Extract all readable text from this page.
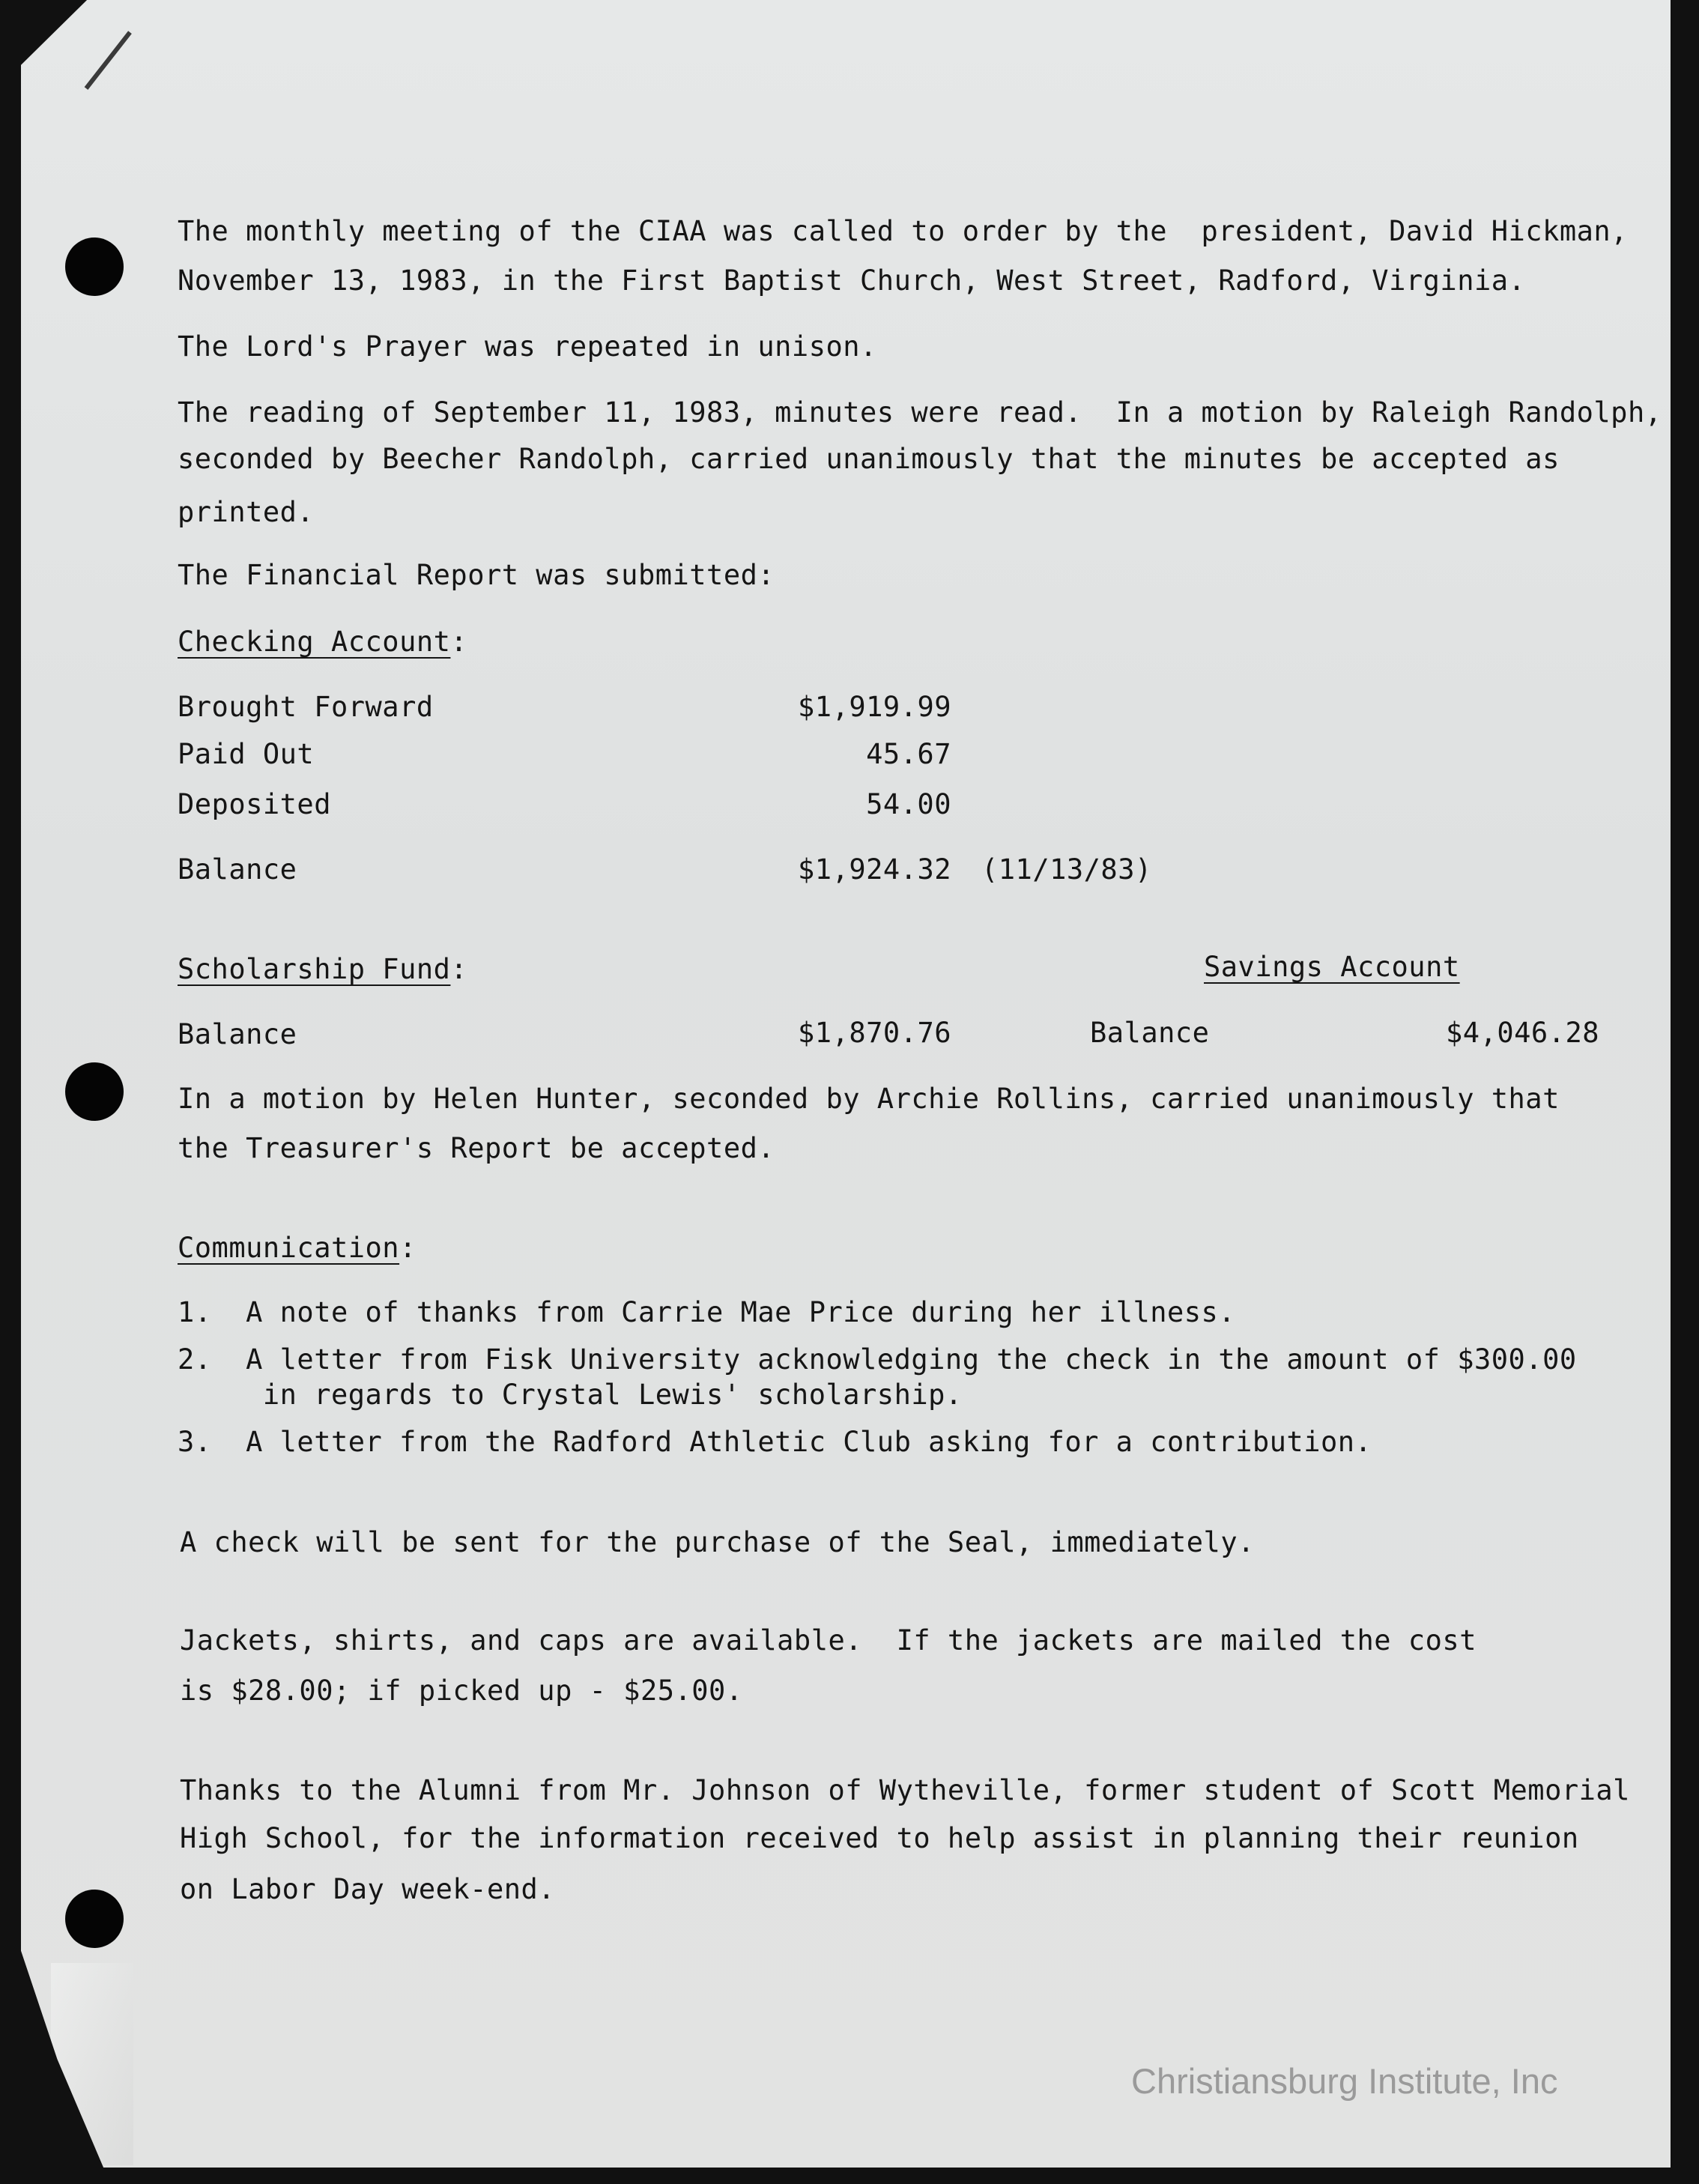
The monthly meeting of the CIAA was called to order by the  president, David Hickman,
November 13, 1983, in the First Baptist Church, West Street, Radford, Virginia.
The Lord's Prayer was repeated in unison.
The reading of September 11, 1983, minutes were read.  In a motion by Raleigh Randolph,
seconded by Beecher Randolph, carried unanimously that the minutes be accepted as
printed.
The Financial Report was submitted:
Checking Account:
Brought Forward	$1,919.99
Paid Out	45.67
Deposited	54.00
Balance	$1,924.32 (11/13/83)
Scholarship Fund:	Savings Account
Balance	$1,870.76	Balance	$4,046.28
In a motion by Helen Hunter, seconded by Archie Rollins, carried unanimously that
the Treasurer's Report be accepted.
Communication:
1.  A note of thanks from Carrie Mae Price during her illness.
2.  A letter from Fisk University acknowledging the check in the amount of $300.00
in regards to Crystal Lewis' scholarship.
3.  A letter from the Radford Athletic Club asking for a contribution.
A check will be sent for the purchase of the Seal, immediately.
Jackets, shirts, and caps are available.  If the jackets are mailed the cost
is $28.00; if picked up - $25.00.
Thanks to the Alumni from Mr. Johnson of Wytheville, former student of Scott Memorial
High School, for the information received to help assist in planning their reunion
on Labor Day week-end.
Christiansburg Institute, Inc
